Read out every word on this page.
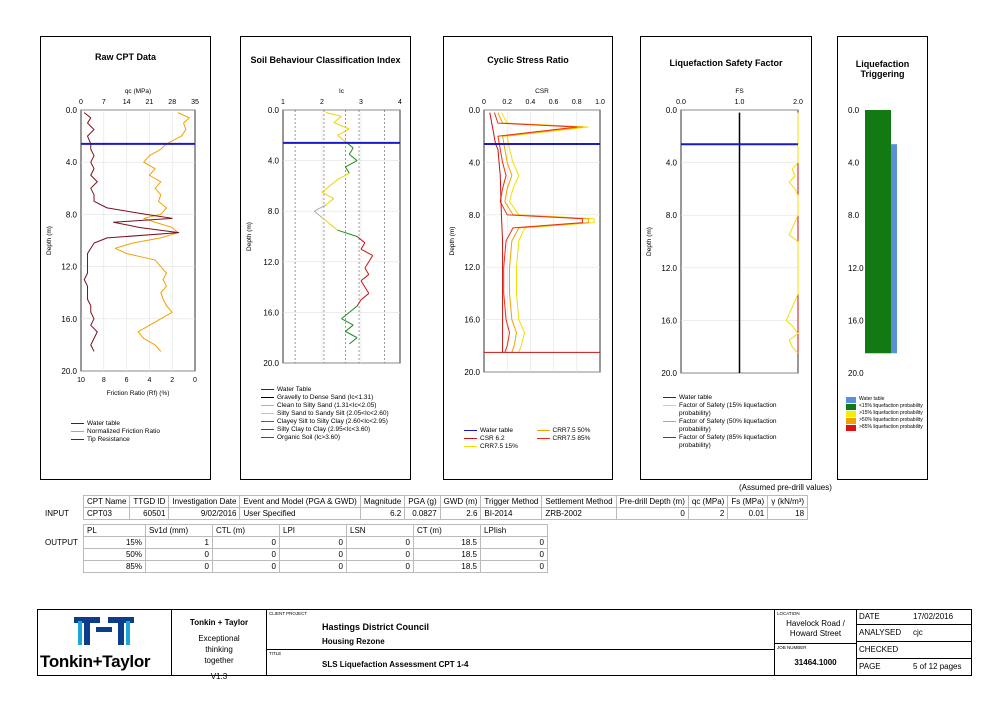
Raw CPT Data
0.0
4.0
8.0
12.0
16.0
20.0
0	7 14 21 28 35
qc (MPa)
Depth (m)
10 8	6	4	2	0
Friction Ratio (Rf) (%)
Water table
Normalized Friction Ratio
Tip Resistance
Soil Behaviour Classification Index
0.0
4.0
8.0
12.0
16.0
20.0
1	2	3	4
Ic
Depth (m)
Water Table
Gravelly to Dense Sand (Ic<1.31)
Clean to Silty Sand (1.31<Ic<2.05)
Silty Sand to Sandy Silt (2.05<Ic<2.60)
Clayey Silt to Silty Clay (2.60<Ic<2.95)
Silty Clay to Clay (2.95<Ic<3.60)
Organic Soil (Ic>3.60)
Cyclic Stress Ratio
0.0
4.0
8.0
12.0
16.0
20.0
0 0.2 0.4 0.6 0.8 1.0
CSR
Depth (m)
Water table
CSR 6.2
CRR7.5 15%
CRR7.5 50%
CRR7.5 85%
Liquefaction Safety Factor
0.0
4.0
8.0
12.0
16.0
20.0
0.0	1.0	2.0
FS
Depth (m)
Water table
Factor of Safety (15% liquefaction probability)
Factor of Safety (50% liquefaction probability)
Factor of Safety (85% liquefaction probability)
Liquefaction Triggering
0.0
4.0
8.0
12.0
16.0
20.0
Water table
<15% liquefaction probability
>15% liquefaction probability
>50% liquefaction probability
>85% liquefaction probability
(Assumed pre-drill values)
INPUT
CPT Name	TTGD ID	Investigation Date	Event and Model (PGA & GWD)	Magnitude	PGA (g)	GWD (m)	Trigger Method	Settlement Method	Pre-drill Depth (m)	qc (MPa)	Fs (MPa)	γ (kN/m³)
CPT03	60501	9/02/2016	User Specified	6.2	0.0827	2.6	BI-2014	ZRB-2002	0	2	0.01	18
OUTPUT
PL	Sv1d (mm)	CTL (m)	LPI	LSN	CT (m)	LPIish
15%	1	0	0	0	18.5	0
50%	0	0	0	0	18.5	0
85%	0	0	0	0	18.5	0
Tonkin+Taylor
Tonkin + Taylor
Exceptional thinking together
V1.3
CLIENT PROJECT
Hastings District Council
Housing Rezone
TITLE
SLS Liquefaction Assessment CPT 1-4
LOCATION
Havelock Road / Howard Street
JOB NUMBER
31464.1000
DATE	17/02/2016
ANALYSED cjc
CHECKED
PAGE	5 of 12 pages
